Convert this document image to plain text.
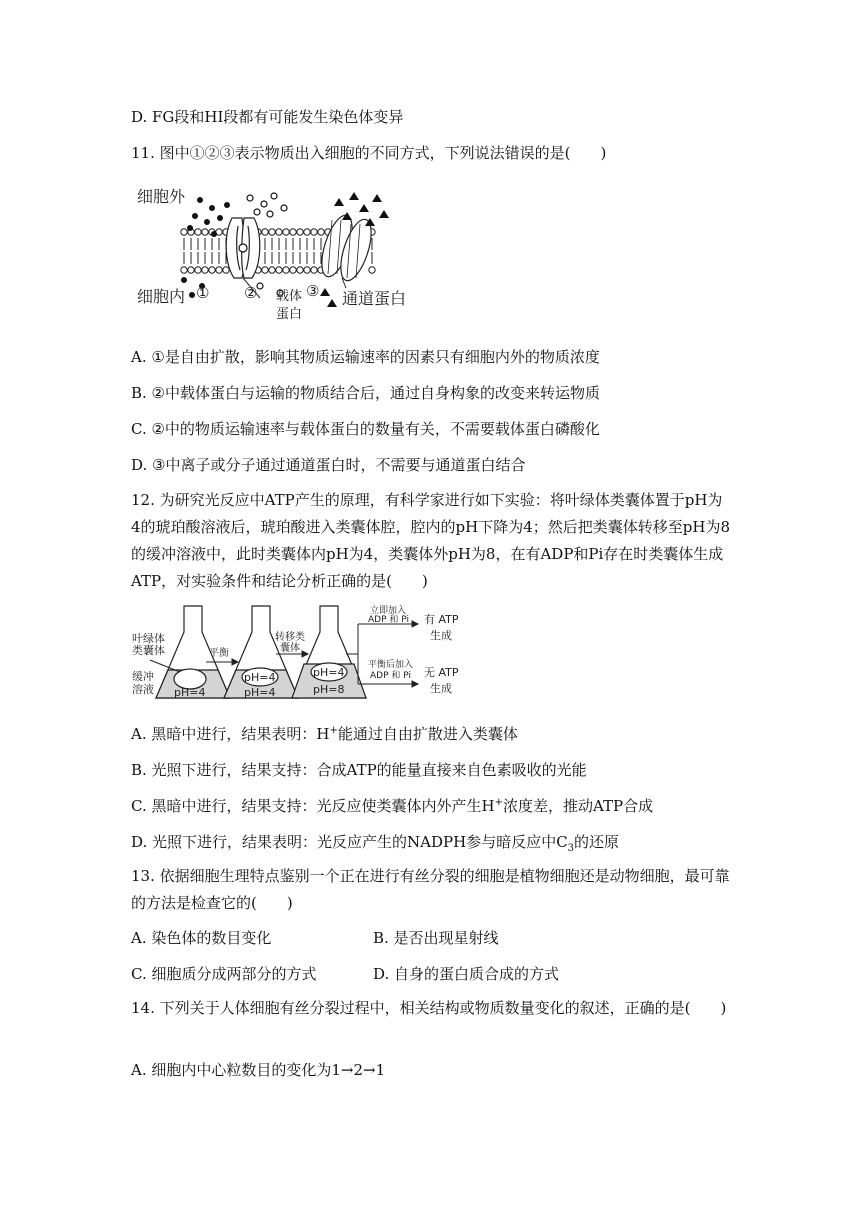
D. FG段和HI段都有可能发生染色体变异
11. 图中①②③表示物质出入细胞的不同方式，下列说法错误的是(　　)
细胞外
细胞内 ① ②	③
载体
蛋白
通道蛋白
A. ①是自由扩散，影响其物质运输速率的因素只有细胞内外的物质浓度
B. ②中载体蛋白与运输的物质结合后，通过自身构象的改变来转运物质
C. ②中的物质运输速率与载体蛋白的数量有关，不需要载体蛋白磷酸化
D. ③中离子或分子通过通道蛋白时，不需要与通道蛋白结合
12. 为研究光反应中ATP产生的原理，有科学家进行如下实验：将叶绿体类囊体置于pH为4的琥珀酸溶液后，琥珀酸进入类囊体腔，腔内的pH下降为4；然后把类囊体转移至pH为8的缓冲溶液中，此时类囊体内pH为4，类囊体外pH为8，在有ADP和Pi存在时类囊体生成ATP，对实验条件和结论分析正确的是(　　)
叶绿体
类囊体
缓冲
溶液 pH=4
pH=4
pH=4
pH=4
pH=8
平衡
转移类
囊体
立即加入
ADP 和 Pi 有 ATP
生成
平衡后加入
ADP 和 Pi 无 ATP
生成
A. 黑暗中进行，结果表明：H+能通过自由扩散进入类囊体
B. 光照下进行，结果支持：合成ATP的能量直接来自色素吸收的光能
C. 黑暗中进行，结果支持：光反应使类囊体内外产生H+浓度差，推动ATP合成
D. 光照下进行，结果表明：光反应产生的NADPH参与暗反应中$C_3$的还原
13. 依据细胞生理特点鉴别一个正在进行有丝分裂的细胞是植物细胞还是动物细胞，最可靠的方法是检查它的(　　)
A. 染色体的数目变化	B. 是否出现星射线
C. 细胞质分成两部分的方式	D. 自身的蛋白质合成的方式
14. 下列关于人体细胞有丝分裂过程中，相关结构或物质数量变化的叙述，正确的是(　　)
A. 细胞内中心粒数目的变化为1→2→1
